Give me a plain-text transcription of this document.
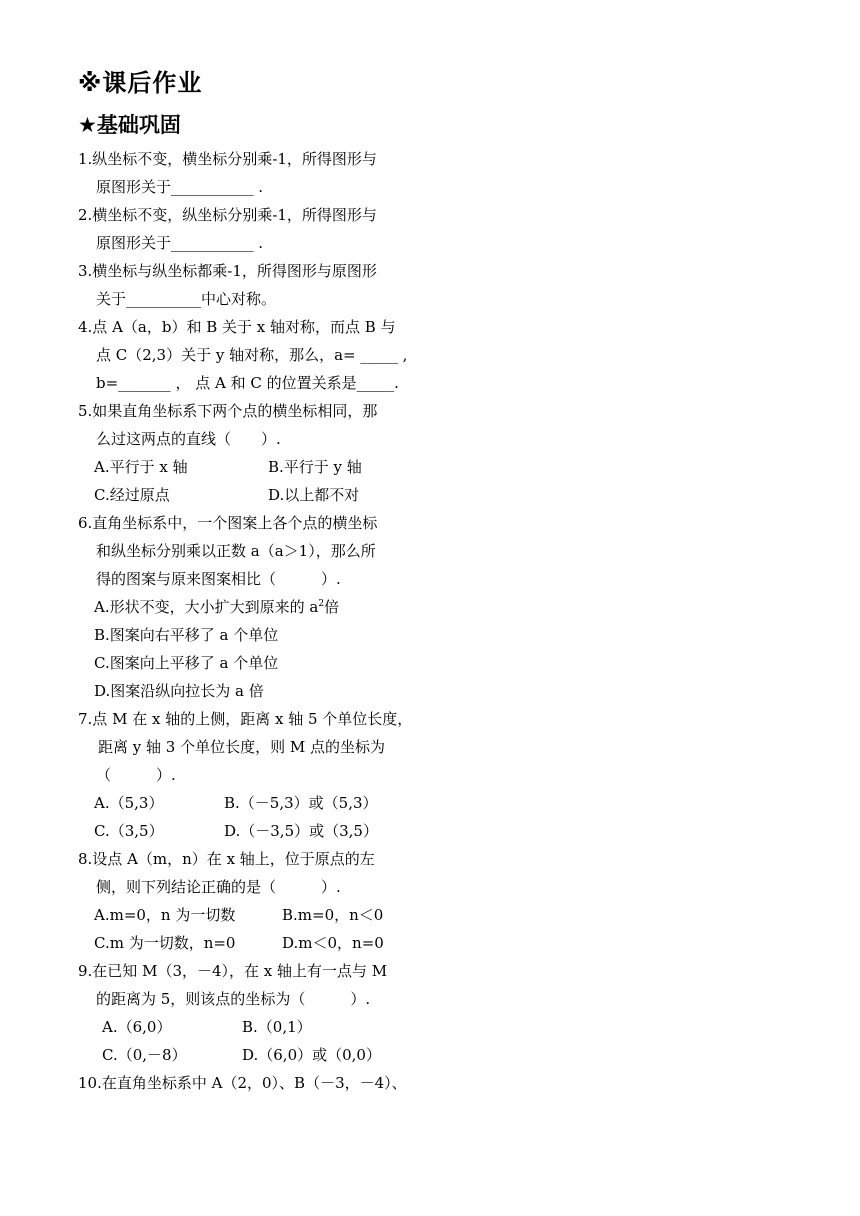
※课后作业
★基础巩固
1.纵坐标不变，横坐标分别乘-1，所得图形与
原图形关于___________ .
2.横坐标不变，纵坐标分别乘-1，所得图形与
原图形关于___________ .
3.横坐标与纵坐标都乘-1，所得图形与原图形
关于__________中心对称。
4.点 A（a，b）和 B 关于 x 轴对称，而点 B 与
点 C（2,3）关于 y 轴对称，那么，a= _____ ,
b=_______ ， 点 A 和 C 的位置关系是_____.
5.如果直角坐标系下两个点的横坐标相同，那
么过这两点的直线（　　）.
A.平行于 x 轴	B.平行于 y 轴
C.经过原点	D.以上都不对
6.直角坐标系中，一个图案上各个点的横坐标
和纵坐标分别乘以正数 a（a＞1），那么所
得的图案与原来图案相比（　　　）.
A.形状不变，大小扩大到原来的 $a^2$倍
B.图案向右平移了 a 个单位
C.图案向上平移了 a 个单位
D.图案沿纵向拉长为 a 倍
7.点 M 在 x 轴的上侧，距离 x 轴 5 个单位长度，
距离 y 轴 3 个单位长度，则 M 点的坐标为
（　　　）.
A.（5,3）	B.（－5,3）或（5,3）
C.（3,5）	D.（－3,5）或（3,5）
8.设点 A（m，n）在 x 轴上，位于原点的左
侧，则下列结论正确的是（　　　）.
A.m=0，n 为一切数	B.m=0，n＜0
C.m 为一切数，n=0	D.m＜0，n=0
9.在已知 M（3，－4），在 x 轴上有一点与 M
的距离为 5，则该点的坐标为（　　　）.
A.（6,0）	B.（0,1）
C.（0,－8）	D.（6,0）或（0,0）
10.在直角坐标系中 A（2，0）、B（－3，－4）、
